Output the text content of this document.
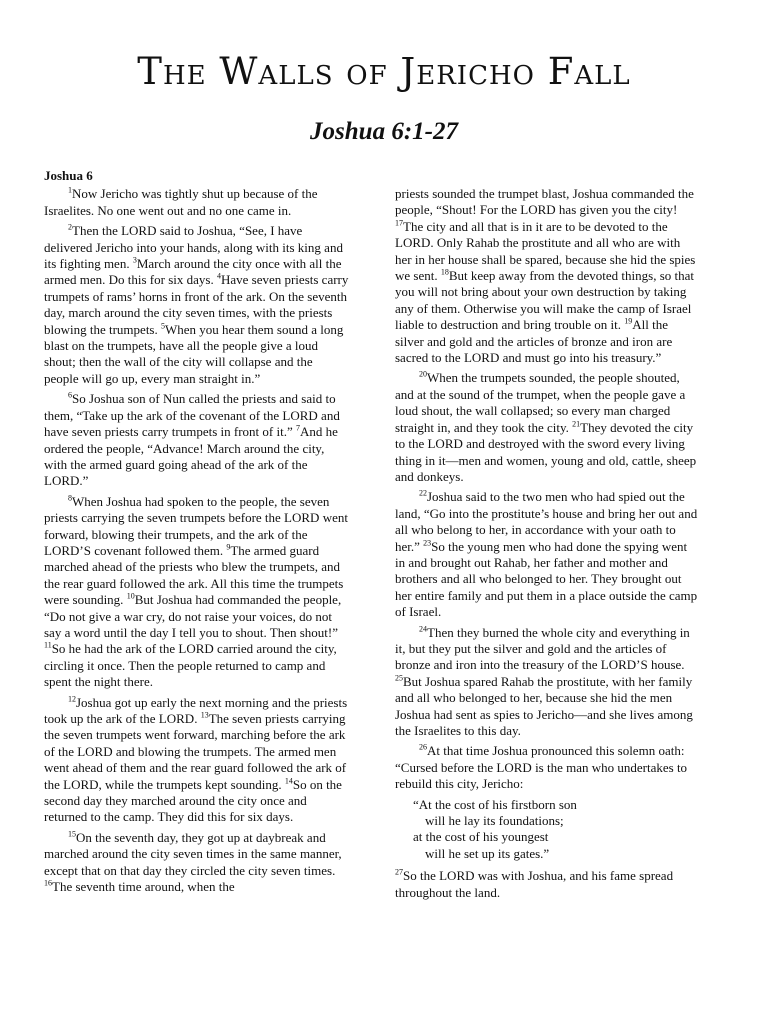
The Walls of Jericho Fall
Joshua 6:1-27
Joshua 6

$^1$Now Jericho was tightly shut up because of the Israelites. No one went out and no one came in.

$^2$Then the LORD said to Joshua, “See, I have delivered Jericho into your hands, along with its king and its fighting men. $^3$March around the city once with all the armed men. Do this for six days. $^4$Have seven priests carry trumpets of rams’ horns in front of the ark. On the seventh day, march around the city seven times, with the priests blowing the trumpets. $^5$When you hear them sound a long blast on the trumpets, have all the people give a loud shout; then the wall of the city will collapse and the people will go up, every man straight in.”

$^6$So Joshua son of Nun called the priests and said to them, “Take up the ark of the covenant of the LORD and have seven priests carry trumpets in front of it.” $^7$And he ordered the people, “Advance! March around the city, with the armed guard going ahead of the ark of the LORD.”

$^8$When Joshua had spoken to the people, the seven priests carrying the seven trumpets before the LORD went forward, blowing their trumpets, and the ark of the LORD’S covenant followed them. $^9$The armed guard marched ahead of the priests who blew the trumpets, and the rear guard followed the ark. All this time the trumpets were sounding. $^{10}$But Joshua had commanded the people, “Do not give a war cry, do not raise your voices, do not say a word until the day I tell you to shout. Then shout!” $^{11}$So he had the ark of the LORD carried around the city, circling it once. Then the people returned to camp and spent the night there.

$^{12}$Joshua got up early the next morning and the priests took up the ark of the LORD. $^{13}$The seven priests carrying the seven trumpets went forward, marching before the ark of the LORD and blowing the trumpets. The armed men went ahead of them and the rear guard followed the ark of the LORD, while the trumpets kept sounding. $^{14}$So on the second day they marched around the city once and returned to the camp. They did this for six days.

$^{15}$On the seventh day, they got up at daybreak and marched around the city seven times in the same manner, except that on that day they circled the city seven times. $^{16}$The seventh time around, when the

priests sounded the trumpet blast, Joshua commanded the people, “Shout! For the LORD has given you the city! $^{17}$The city and all that is in it are to be devoted to the LORD. Only Rahab the prostitute and all who are with her in her house shall be spared, because she hid the spies we sent. $^{18}$But keep away from the devoted things, so that you will not bring about your own destruction by taking any of them. Otherwise you will make the camp of Israel liable to destruction and bring trouble on it. $^{19}$All the silver and gold and the articles of bronze and iron are sacred to the LORD and must go into his treasury.”

$^{20}$When the trumpets sounded, the people shouted, and at the sound of the trumpet, when the people gave a loud shout, the wall collapsed; so every man charged straight in, and they took the city. $^{21}$They devoted the city to the LORD and destroyed with the sword every living thing in it—men and women, young and old, cattle, sheep and donkeys.

$^{22}$Joshua said to the two men who had spied out the land, “Go into the prostitute’s house and bring her out and all who belong to her, in accordance with your oath to her.” $^{23}$So the young men who had done the spying went in and brought out Rahab, her father and mother and brothers and all who belonged to her. They brought out her entire family and put them in a place outside the camp of Israel.

$^{24}$Then they burned the whole city and everything in it, but they put the silver and gold and the articles of bronze and iron into the treasury of the LORD’S house. $^{25}$But Joshua spared Rahab the prostitute, with her family and all who belonged to her, because she hid the men Joshua had sent as spies to Jericho—and she lives among the Israelites to this day.

$^{26}$At that time Joshua pronounced this solemn oath: “Cursed before the LORD is the man who undertakes to rebuild this city, Jericho:

“At the cost of his firstborn son
will he lay its foundations;
at the cost of his youngest
will he set up its gates.”

$^{27}$So the LORD was with Joshua, and his fame spread throughout the land.
